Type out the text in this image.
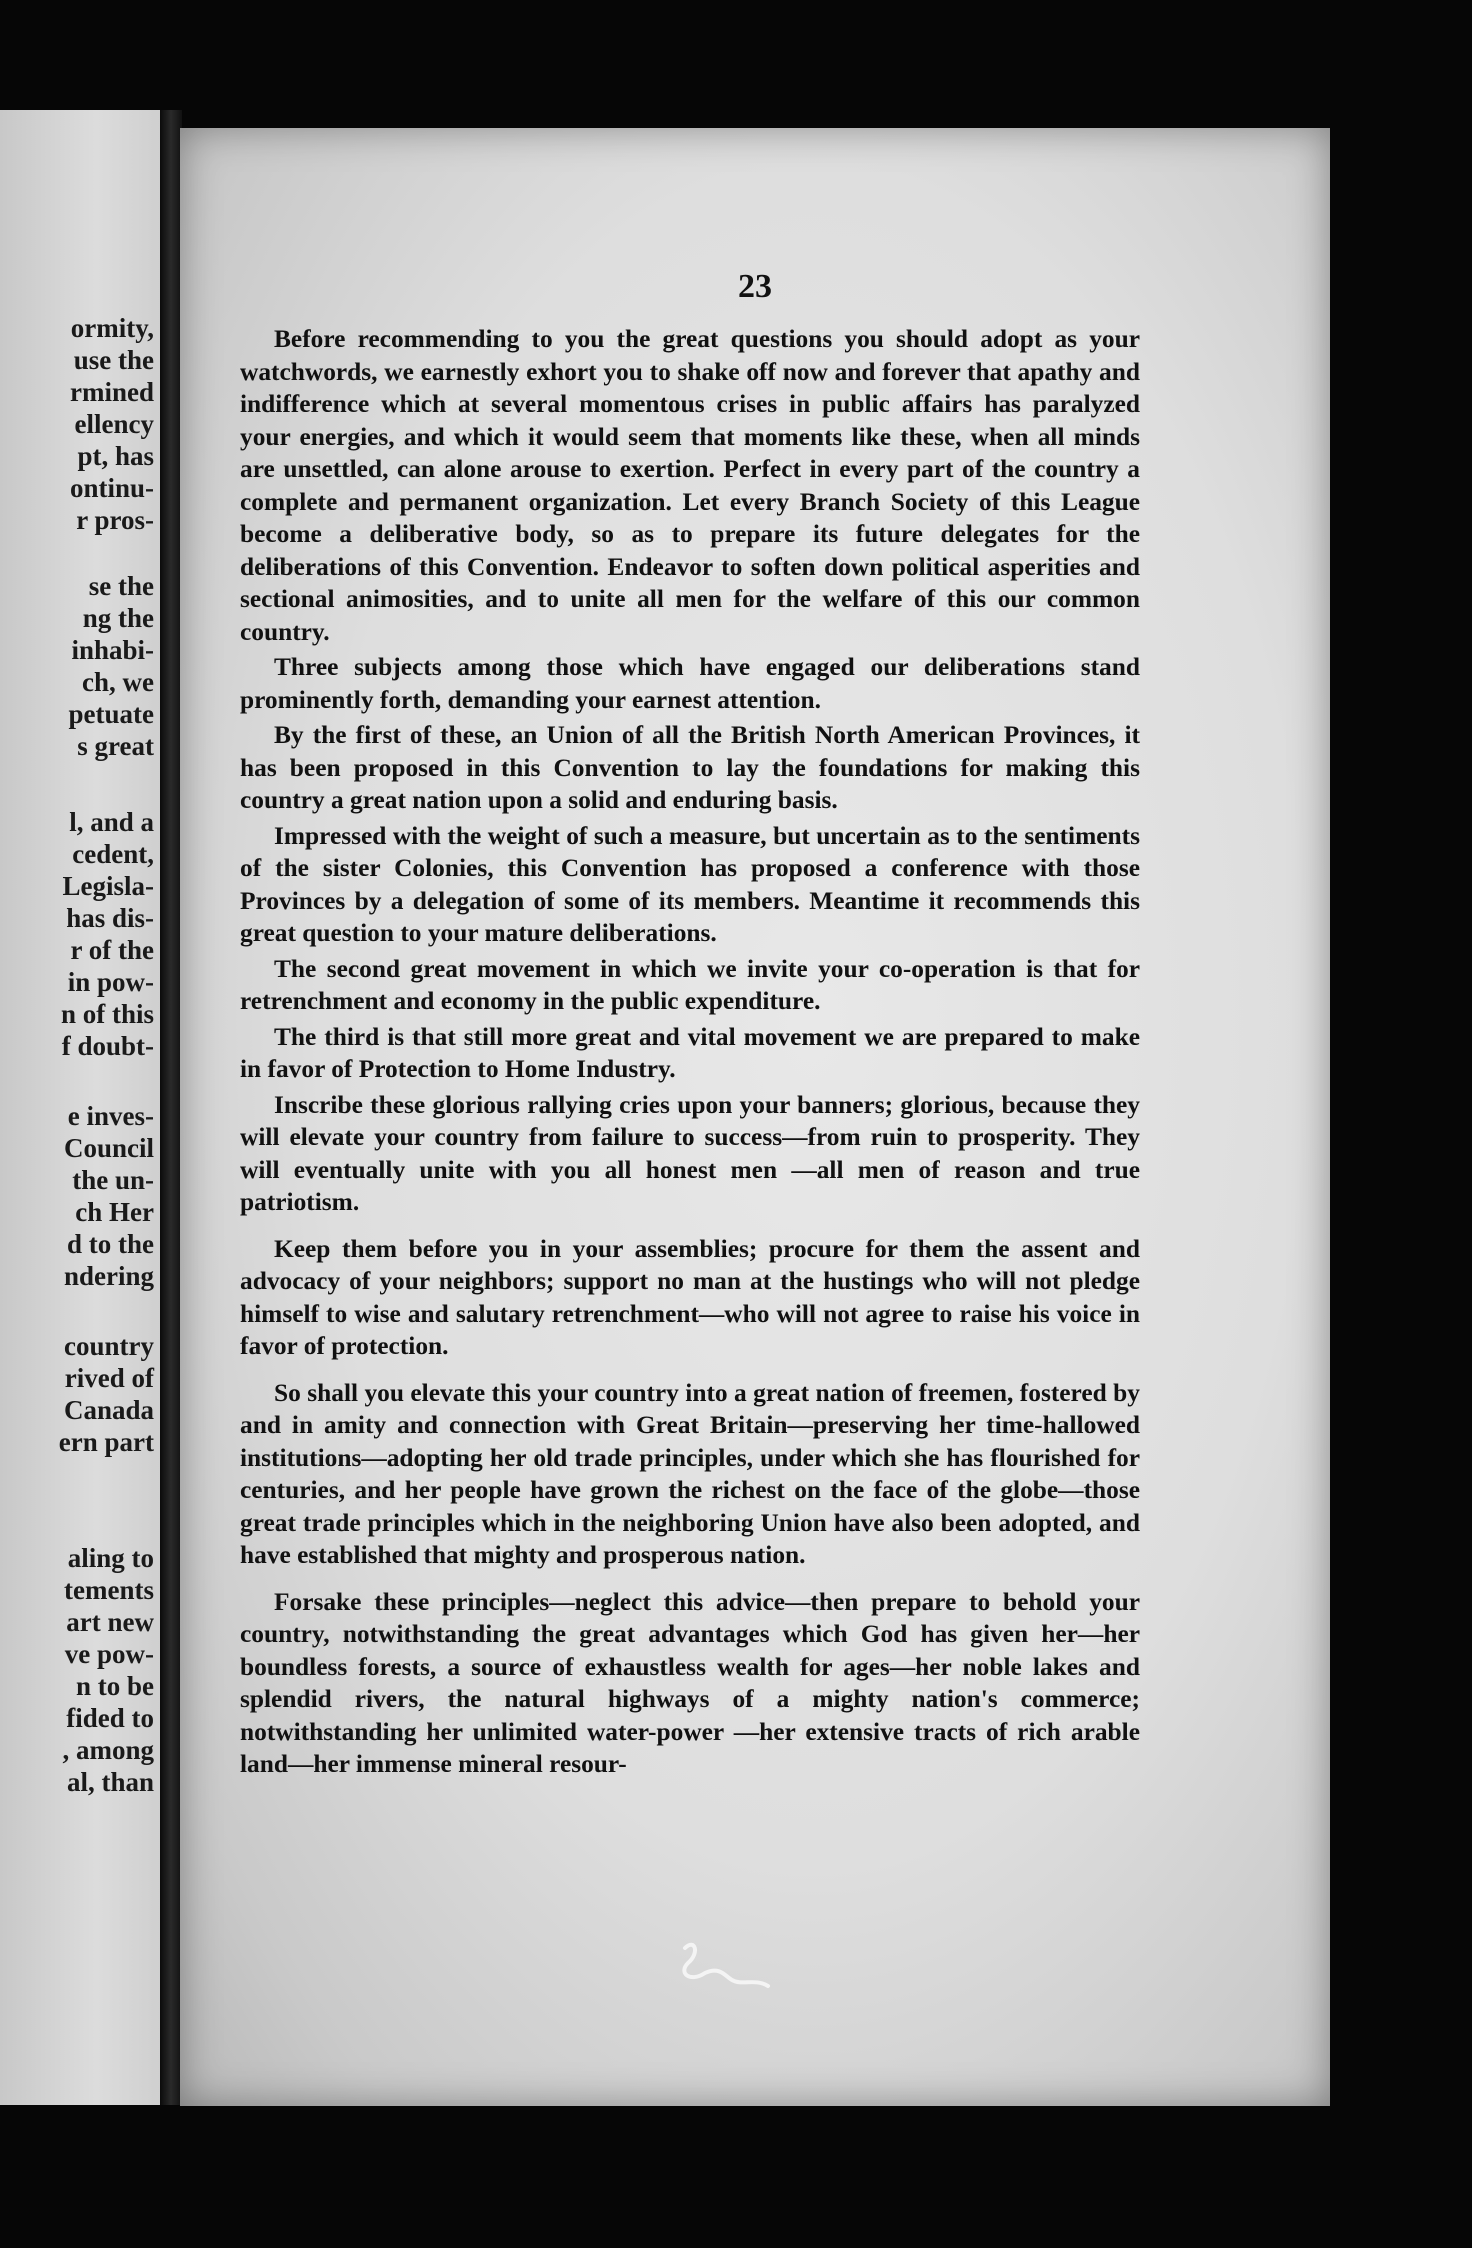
ormity,
use the
rmined
ellency
pt, has
ontinu-
r pros-
se the
ng the
inhabi-
ch, we
petuate
s great
l, and a
cedent,
Legisla-
has dis-
r of the
in pow-
n of this
f doubt-
e inves-
Council
the un-
ch Her
d to the
ndering
country
rived of
Canada
ern part
aling to
tements
art new
ve pow-
n to be
fided to
, among
al, than
23

Before recommending to you the great questions you should adopt as your watchwords, we earnestly exhort you to shake off now and forever that apathy and indifference which at several momentous crises in public affairs has paralyzed your energies, and which it would seem that moments like these, when all minds are unsettled, can alone arouse to exertion. Perfect in every part of the country a complete and permanent organization. Let every Branch Society of this League become a deliberative body, so as to prepare its future delegates for the deliberations of this Convention. Endeavor to soften down political asperities and sectional animosities, and to unite all men for the welfare of this our common country.

Three subjects among those which have engaged our deliberations stand prominently forth, demanding your earnest attention.

By the first of these, an Union of all the British North American Provinces, it has been proposed in this Convention to lay the foundations for making this country a great nation upon a solid and enduring basis.

Impressed with the weight of such a measure, but uncertain as to the sentiments of the sister Colonies, this Convention has proposed a conference with those Provinces by a delegation of some of its members. Meantime it recommends this great question to your mature deliberations.

The second great movement in which we invite your co-operation is that for retrenchment and economy in the public expenditure.

The third is that still more great and vital movement we are prepared to make in favor of Protection to Home Industry.

Inscribe these glorious rallying cries upon your banners; glorious, because they will elevate your country from failure to success—from ruin to prosperity. They will eventually unite with you all honest men —all men of reason and true patriotism.

Keep them before you in your assemblies; procure for them the assent and advocacy of your neighbors; support no man at the hustings who will not pledge himself to wise and salutary retrenchment—who will not agree to raise his voice in favor of protection.

So shall you elevate this your country into a great nation of freemen, fostered by and in amity and connection with Great Britain—preserving her time-hallowed institutions—adopting her old trade principles, under which she has flourished for centuries, and her people have grown the richest on the face of the globe—those great trade principles which in the neighboring Union have also been adopted, and have established that mighty and prosperous nation.

Forsake these principles—neglect this advice—then prepare to behold your country, notwithstanding the great advantages which God has given her—her boundless forests, a source of exhaustless wealth for ages—her noble lakes and splendid rivers, the natural highways of a mighty nation's commerce; notwithstanding her unlimited water-power —her extensive tracts of rich arable land—her immense mineral resour-
